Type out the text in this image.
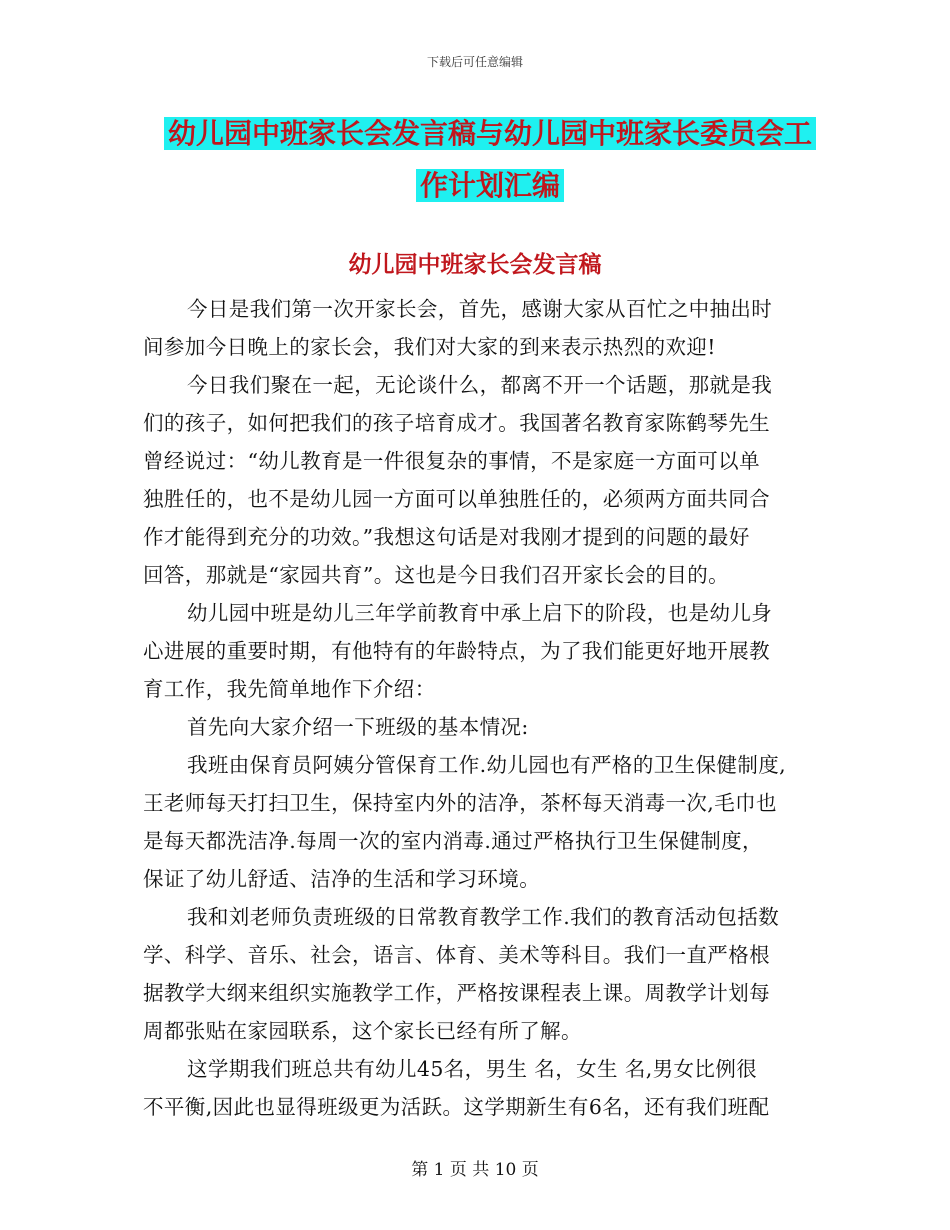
下载后可任意编辑
幼儿园中班家长会发言稿与幼儿园中班家长委员会工
作计划汇编
幼儿园中班家长会发言稿
今日是我们第一次开家长会，首先，感谢大家从百忙之中抽出时
间参加今日晚上的家长会，我们对大家的到来表示热烈的欢迎!
今日我们聚在一起，无论谈什么，都离不开一个话题，那就是我
们的孩子，如何把我们的孩子培育成才。我国著名教育家陈鹤琴先生
曾经说过：“幼儿教育是一件很复杂的事情，不是家庭一方面可以单
独胜任的，也不是幼儿园一方面可以单独胜任的，必须两方面共同合
作才能得到充分的功效。”我想这句话是对我刚才提到的问题的最好
回答，那就是“家园共育”。这也是今日我们召开家长会的目的。
幼儿园中班是幼儿三年学前教育中承上启下的阶段，也是幼儿身
心进展的重要时期，有他特有的年龄特点，为了我们能更好地开展教
育工作，我先简单地作下介绍：
首先向大家介绍一下班级的基本情况:
我班由保育员阿姨分管保育工作.幼儿园也有严格的卫生保健制度,
王老师每天打扫卫生，保持室内外的洁净，茶杯每天消毒一次,毛巾也
是每天都洗洁净.每周一次的室内消毒.通过严格执行卫生保健制度，
保证了幼儿舒适、洁净的生活和学习环境。
我和刘老师负责班级的日常教育教学工作.我们的教育活动包括数
学、科学、音乐、社会，语言、体育、美术等科目。我们一直严格根
据教学大纲来组织实施教学工作，严格按课程表上课。周教学计划每
周都张贴在家园联系，这个家长已经有所了解。
这学期我们班总共有幼儿45名，男生 名，女生 名,男女比例很
不平衡,因此也显得班级更为活跃。这学期新生有6名，还有我们班配
第 1 页 共 10 页
